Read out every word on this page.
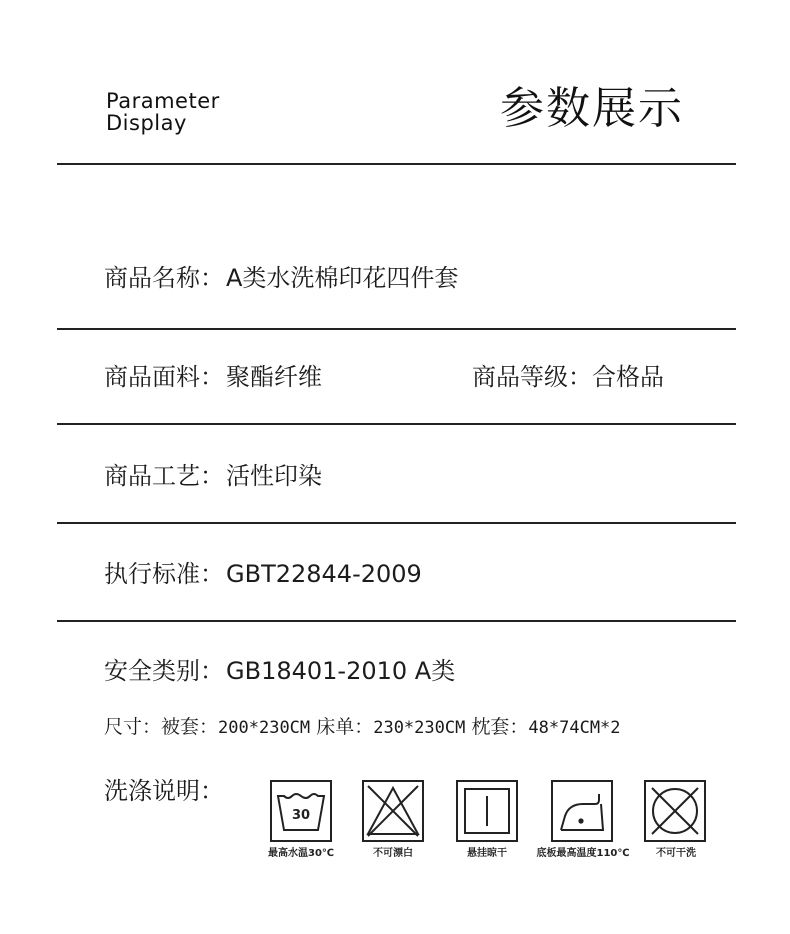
Parameter
Display	参数展示
商品名称：A类水洗棉印花四件套
商品面料：聚酯纤维	商品等级：合格品
商品工艺：活性印染
执行标准：GBT22844-2009
安全类别：GB18401-2010 A类
尺寸：被套：200*230CM 床单：230*230CM 枕套：48*74CM*2
洗涤说明：
30
最高水温30℃	不可漂白	悬挂晾干	底板最高温度110℃	不可干洗
